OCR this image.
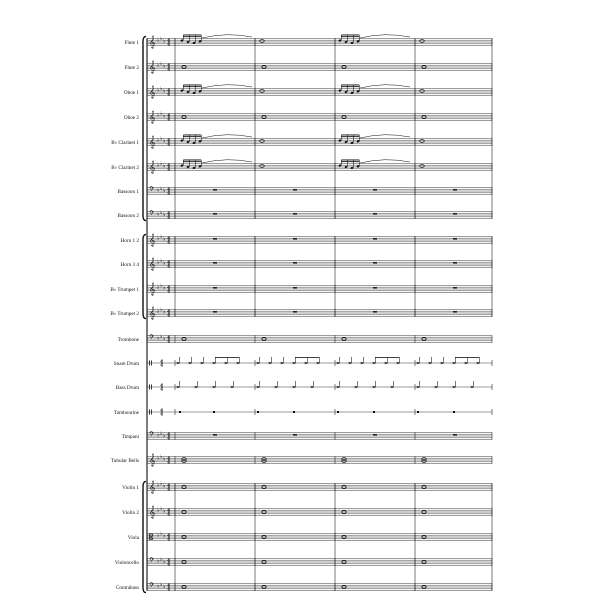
Flute 1
Flute 2
Oboe 1
Oboe 2
B♭ Clarinet 1
B♭ Clarinet 2
Bassoon 1
Bassoon 2
Horn 1 2
Horn 3 4
B♭ Trumpet 1
B♭ Trumpet 2
Trombone
Snare Drum
Bass Drum
Tambourine
Timpani
Tubular Bells
Violin 1
Violin 2
Viola
Violoncello
Contrabass
𝄞 ♭ ♭ ♭ 4
4
𝄞 ♭ ♭ ♭ 4
4
𝄞 ♭ ♭ ♭ 4
4
𝄞 ♭ ♭ ♭ 4
4
𝄞 ♭ ♭ ♭ 4
4
𝄞 ♭ ♭ ♭ 4
4
𝄢 ♭ ♭ ♭ 4
4
𝄢 ♭ ♭ ♭ 4
4
𝄞 ♭ ♭ ♭ 4
4
𝄞 ♭ ♭ ♭ 4
4
𝄞 ♭ ♭ ♭ 4
4
𝄞 ♭ ♭ ♭ 4
4
𝄢 ♭ ♭ ♭ 4
4
4
4
4
4
4
4
𝄢 ♭ ♭ ♭ 4
4
𝄞 ♭ ♭ ♭ 4
4
𝄞 ♭ ♭ ♭ 4
4
𝄞 ♭ ♭ ♭ 4
4
𝄡 ♭ ♭ ♭ 4
4
𝄢 ♭ ♭ ♭ 4
4
𝄢 ♭ ♭ ♭ 4
4
